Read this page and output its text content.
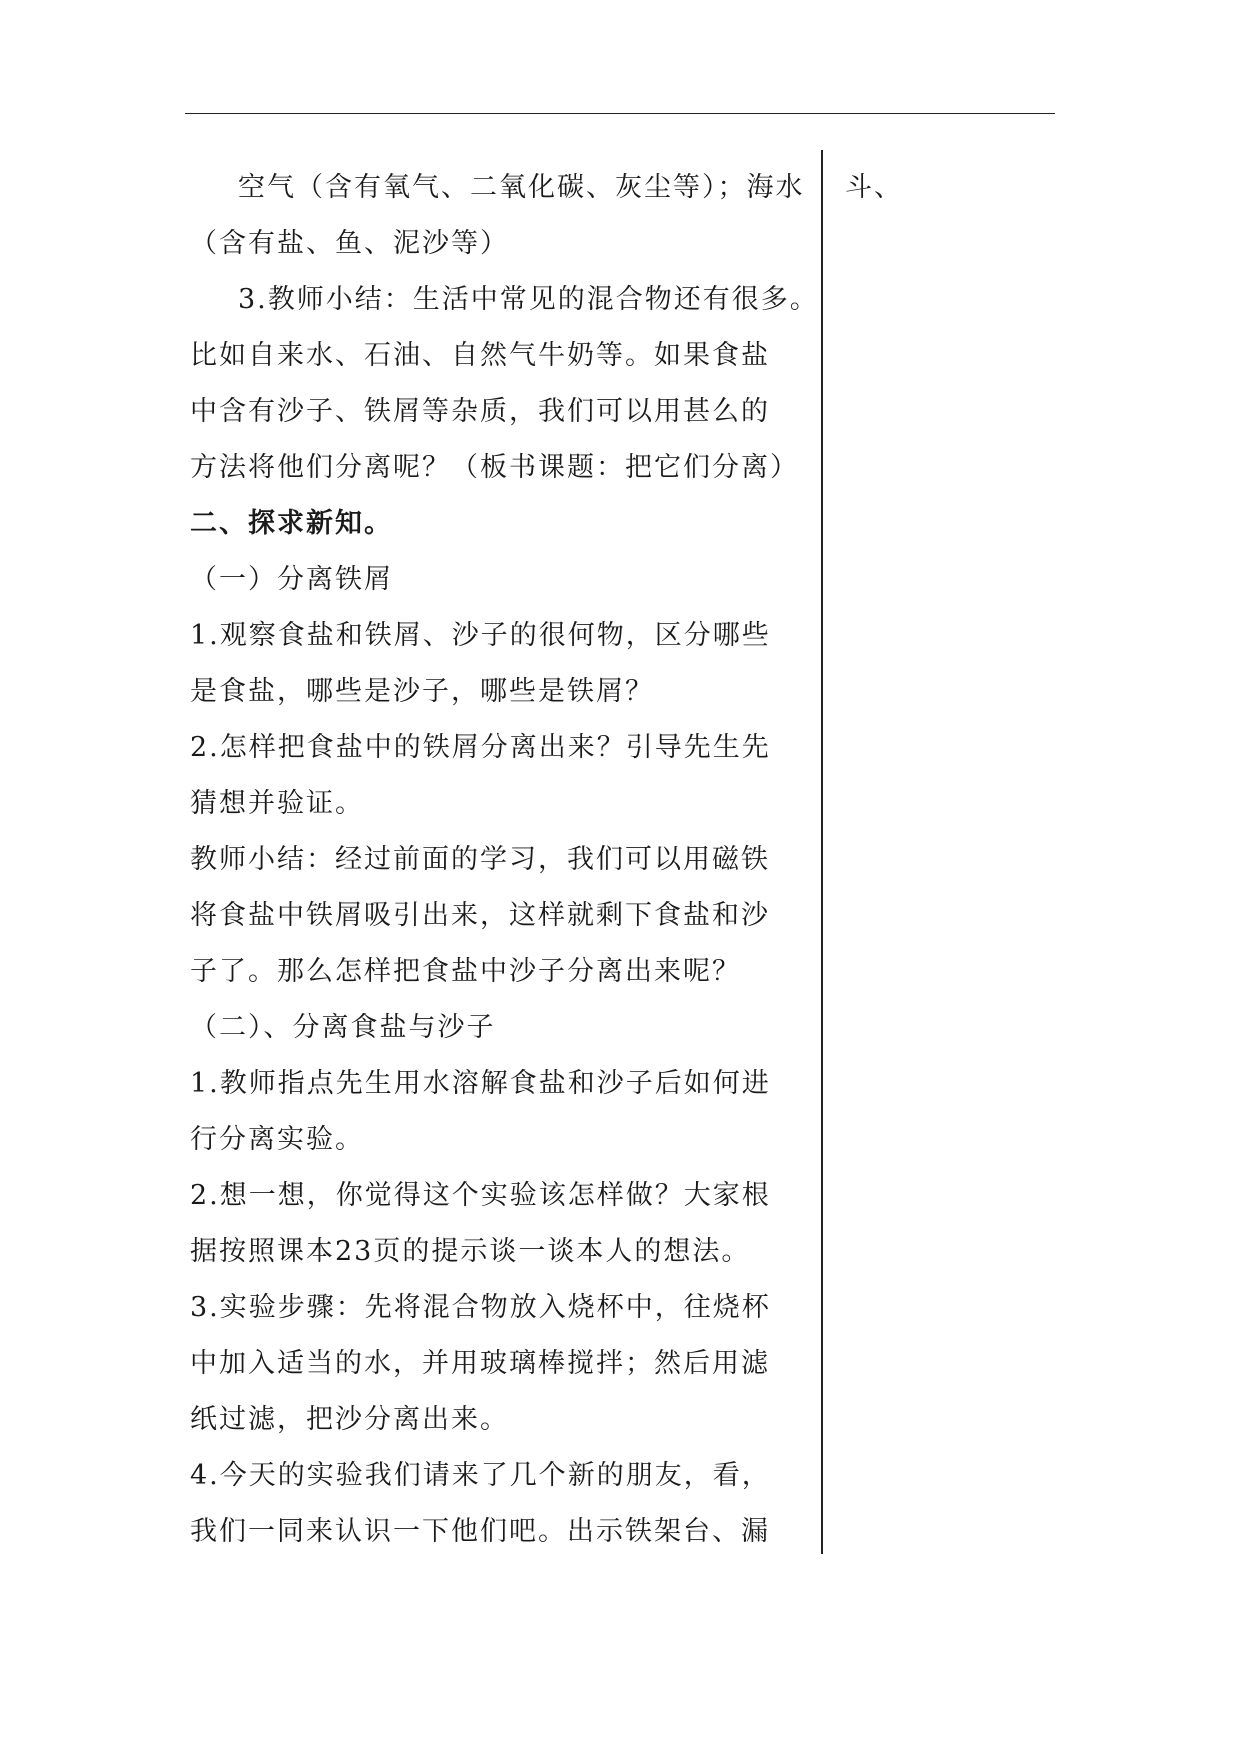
空气（含有氧气、二氧化碳、灰尘等）；海水
（含有盐、鱼、泥沙等）
3.教师小结：生活中常见的混合物还有很多。
比如自来水、石油、自然气牛奶等。如果食盐
中含有沙子、铁屑等杂质，我们可以用甚么的
方法将他们分离呢？（板书课题：把它们分离）
二、探求新知。
（一）分离铁屑
1.观察食盐和铁屑、沙子的很何物，区分哪些
是食盐，哪些是沙子，哪些是铁屑？
2.怎样把食盐中的铁屑分离出来？引导先生先
猜想并验证。
教师小结：经过前面的学习，我们可以用磁铁
将食盐中铁屑吸引出来，这样就剩下食盐和沙
子了。那么怎样把食盐中沙子分离出来呢？
（二）、分离食盐与沙子
1.教师指点先生用水溶解食盐和沙子后如何进
行分离实验。
2.想一想，你觉得这个实验该怎样做？大家根
据按照课本23页的提示谈一谈本人的想法。
3.实验步骤：先将混合物放入烧杯中，往烧杯
中加入适当的水，并用玻璃棒搅拌；然后用滤
纸过滤，把沙分离出来。
4.今天的实验我们请来了几个新的朋友，看，
我们一同来认识一下他们吧。出示铁架台、漏
斗、
